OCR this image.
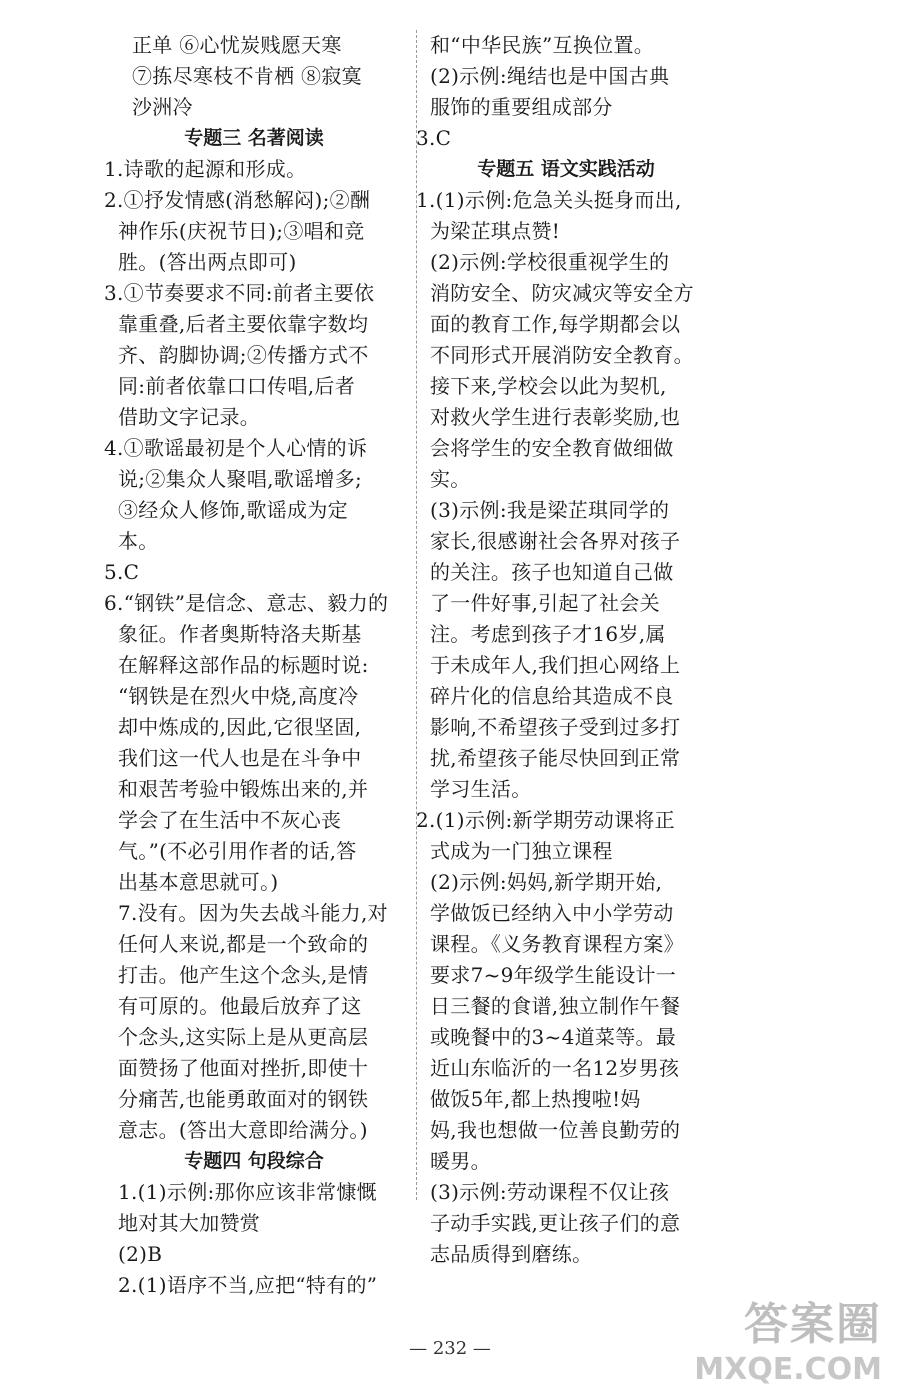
正单 ⑥心忧炭贱愿天寒
⑦拣尽寒枝不肯栖 ⑧寂寞
沙洲冷
专题三 名著阅读
1.诗歌的起源和形成。
2.①抒发情感(消愁解闷);②酬
神作乐(庆祝节日);③唱和竞
胜。(答出两点即可)
3.①节奏要求不同:前者主要依
靠重叠,后者主要依靠字数均
齐、韵脚协调;②传播方式不
同:前者依靠口口传唱,后者
借助文字记录。
4.①歌谣最初是个人心情的诉
说;②集众人聚唱,歌谣增多;
③经众人修饰,歌谣成为定
本。
5.C
6.“钢铁”是信念、意志、毅力的
象征。作者奥斯特洛夫斯基
在解释这部作品的标题时说:
“钢铁是在烈火中烧,高度冷
却中炼成的,因此,它很坚固,
我们这一代人也是在斗争中
和艰苦考验中锻炼出来的,并
学会了在生活中不灰心丧
气。”(不必引用作者的话,答
出基本意思就可。)
7.没有。因为失去战斗能力,对
任何人来说,都是一个致命的
打击。他产生这个念头,是情
有可原的。他最后放弃了这
个念头,这实际上是从更高层
面赞扬了他面对挫折,即使十
分痛苦,也能勇敢面对的钢铁
意志。(答出大意即给满分。)
专题四 句段综合
1.(1)示例:那你应该非常慷慨
地对其大加赞赏
(2)B
2.(1)语序不当,应把“特有的”
和“中华民族”互换位置。
(2)示例:绳结也是中国古典
服饰的重要组成部分
3.C
专题五 语文实践活动
1.(1)示例:危急关头挺身而出,
为梁芷琪点赞!
(2)示例:学校很重视学生的
消防安全、防灾减灾等安全方
面的教育工作,每学期都会以
不同形式开展消防安全教育。
接下来,学校会以此为契机,
对救火学生进行表彰奖励,也
会将学生的安全教育做细做
实。
(3)示例:我是梁芷琪同学的
家长,很感谢社会各界对孩子
的关注。孩子也知道自己做
了一件好事,引起了社会关
注。考虑到孩子才16岁,属
于未成年人,我们担心网络上
碎片化的信息给其造成不良
影响,不希望孩子受到过多打
扰,希望孩子能尽快回到正常
学习生活。
2.(1)示例:新学期劳动课将正
式成为一门独立课程
(2)示例:妈妈,新学期开始,
学做饭已经纳入中小学劳动
课程。《义务教育课程方案》
要求7~9年级学生能设计一
日三餐的食谱,独立制作午餐
或晚餐中的3~4道菜等。最
近山东临沂的一名12岁男孩
做饭5年,都上热搜啦!妈
妈,我也想做一位善良勤劳的
暖男。
(3)示例:劳动课程不仅让孩
子动手实践,更让孩子们的意
志品质得到磨练。
— 232 —	答案圈
MXQE.COM
